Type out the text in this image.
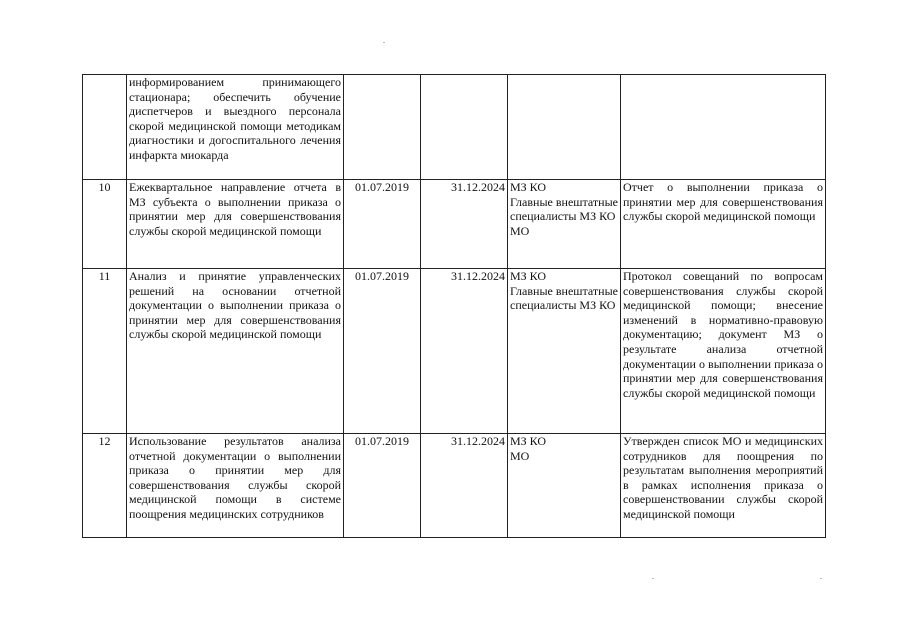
	информированием принимающего стационара; обеспечить обучение диспетчеров и выездного персонала скорой медицинской помощи методикам диагностики и догоспитального лечения инфаркта миокарда				
10	Ежеквартальное направление отчета в МЗ субъекта о выполнении приказа о принятии мер для совершенствования службы скорой медицинской помощи	01.07.2019	31.12.2024	МЗ КО
Главные внештатные специалисты МЗ КО
МО	Отчет о выполнении приказа о принятии мер для совершенствования службы скорой медицинской помощи
11	Анализ и принятие управленческих решений на основании отчетной документации о выполнении приказа о принятии мер для совершенствования службы скорой медицинской помощи	01.07.2019	31.12.2024	МЗ КО
Главные внештатные специалисты МЗ КО	Протокол совещаний по вопросам совершенствования службы скорой медицинской помощи; внесение изменений в нормативно-правовую документацию; документ МЗ о результате анализа отчетной документации о выполнении приказа о принятии мер для совершенствования службы скорой медицинской помощи
12	Использование результатов анализа отчетной документации о выполнении приказа о принятии мер для совершенствования службы скорой медицинской помощи в системе поощрения медицинских сотрудников	01.07.2019	31.12.2024	МЗ КО
МО	Утвержден список МО и медицинских сотрудников для поощрения по результатам выполнения мероприятий в рамках исполнения приказа о совершенствовании службы скорой медицинской помощи
